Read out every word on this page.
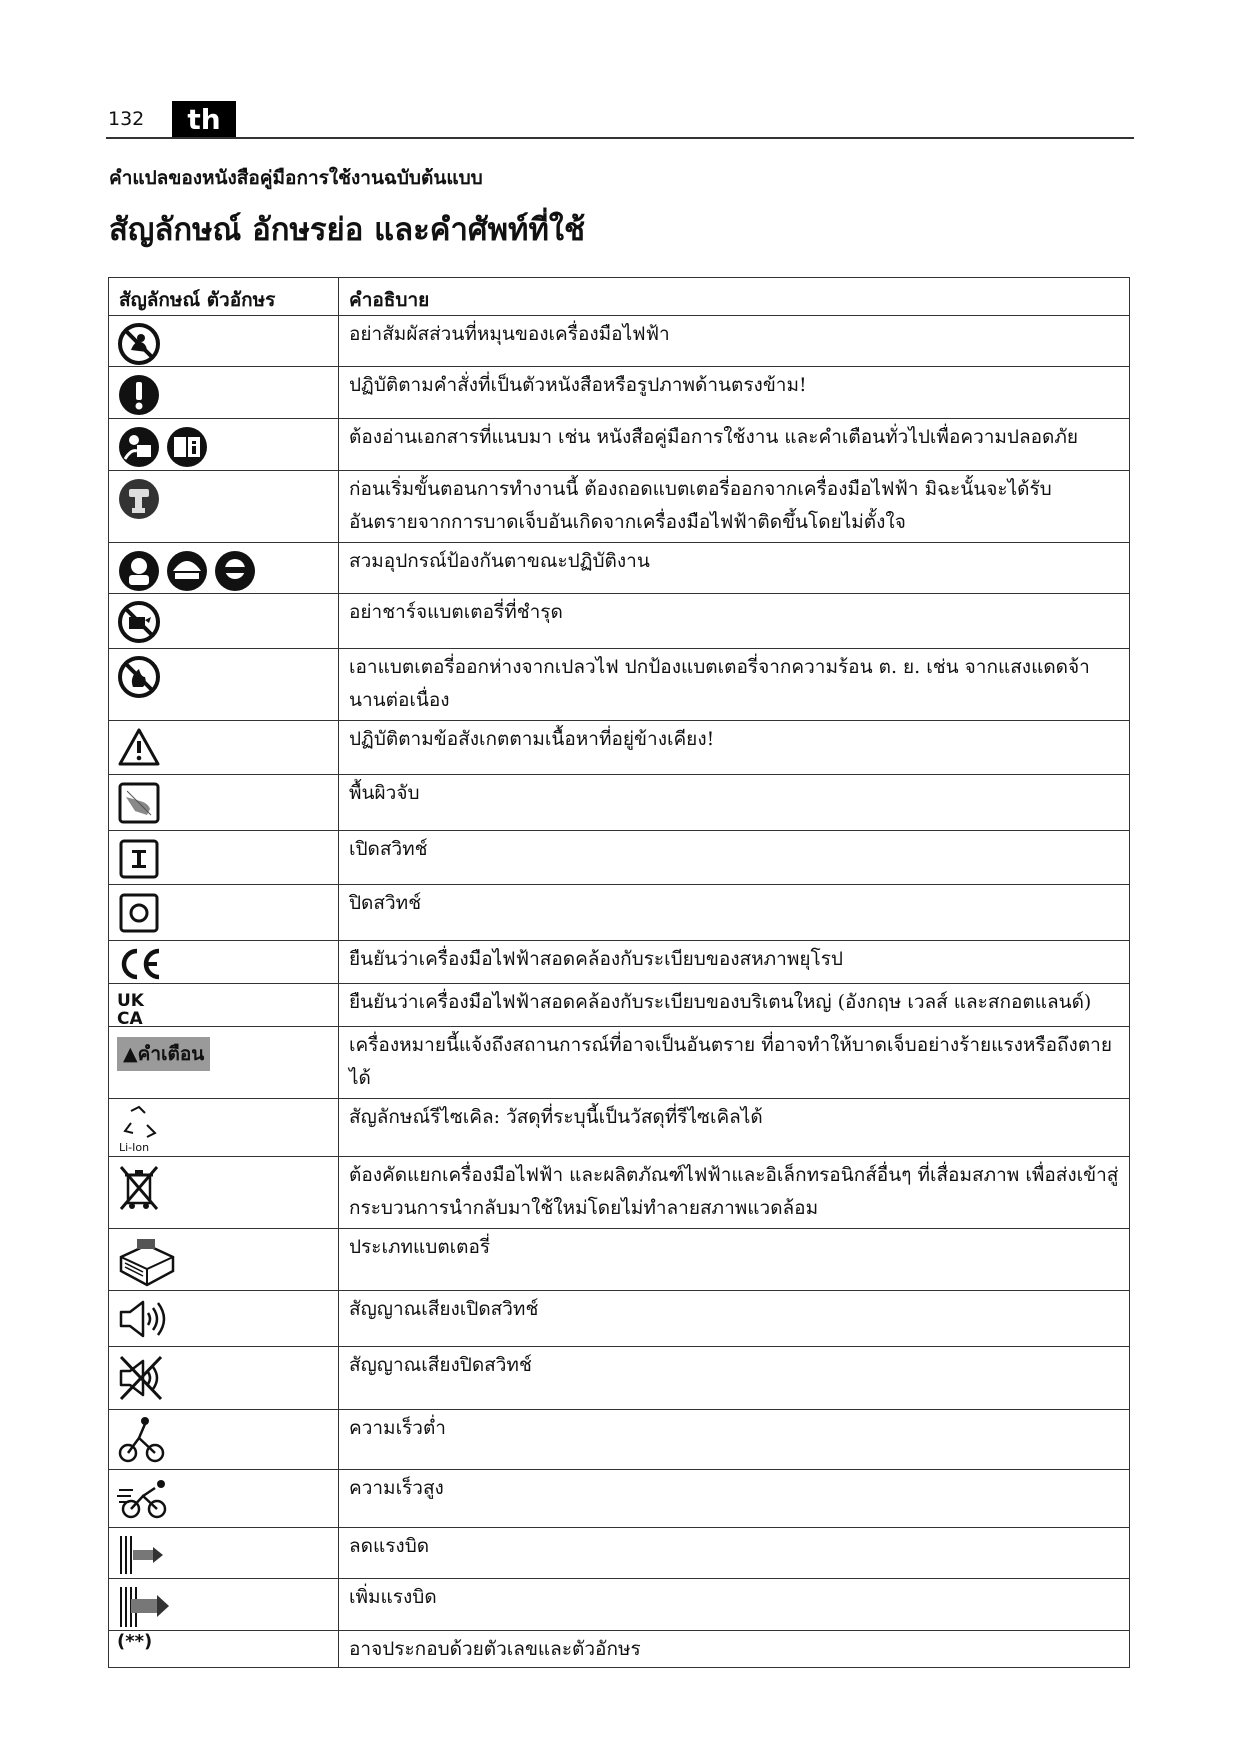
132	th
คำแปลของหนังสือคู่มือการใช้งานฉบับต้นแบบ
สัญลักษณ์ อักษรย่อ และคำศัพท์ที่ใช้
สัญลักษณ์ ตัวอักษร	คำอธิบาย

	อย่าสัมผัสส่วนที่หมุนของเครื่องมือไฟฟ้า

	ปฏิบัติตามคำสั่งที่เป็นตัวหนังสือหรือรูปภาพด้านตรงข้าม!

	ต้องอ่านเอกสารที่แนบมา เช่น หนังสือคู่มือการใช้งาน และคำเตือนทั่วไปเพื่อความปลอดภัย

	ก่อนเริ่มขั้นตอนการทำงานนี้ ต้องถอดแบตเตอรี่ออกจากเครื่องมือไฟฟ้า มิฉะนั้นจะได้รับอันตรายจากการบาดเจ็บอันเกิดจากเครื่องมือไฟฟ้าติดขึ้นโดยไม่ตั้งใจ

	สวมอุปกรณ์ป้องกันตาขณะปฏิบัติงาน

	อย่าชาร์จแบตเตอรี่ที่ชำรุด

	เอาแบตเตอรี่ออกห่างจากเปลวไฟ ปกป้องแบตเตอรี่จากความร้อน ต. ย. เช่น จากแสงแดดจ้านานต่อเนื่อง

	ปฏิบัติตามข้อสังเกตตามเนื้อหาที่อยู่ข้างเคียง!

	พื้นผิวจับ

	เปิดสวิทช์

	ปิดสวิทช์

	ยืนยันว่าเครื่องมือไฟฟ้าสอดคล้องกับระเบียบของสหภาพยุโรป

UK
CA	ยืนยันว่าเครื่องมือไฟฟ้าสอดคล้องกับระเบียบของบริเตนใหญ่ (อังกฤษ เวลส์ และสกอตแลนด์)
▲คำเตือน	เครื่องหมายนี้แจ้งถึงสถานการณ์ที่อาจเป็นอันตราย ที่อาจทำให้บาดเจ็บอย่างร้ายแรงหรือถึงตายได้

Li-Ion	สัญลักษณ์รีไซเคิล: วัสดุที่ระบุนี้เป็นวัสดุที่รีไซเคิลได้

	ต้องคัดแยกเครื่องมือไฟฟ้า และผลิตภัณฑ์ไฟฟ้าและอิเล็กทรอนิกส์อื่นๆ ที่เสื่อมสภาพ เพื่อส่งเข้าสู่กระบวนการนำกลับมาใช้ใหม่โดยไม่ทำลายสภาพแวดล้อม

	ประเภทแบตเตอรี่

	สัญญาณเสียงเปิดสวิทช์

	สัญญาณเสียงปิดสวิทช์

	ความเร็วต่ำ

	ความเร็วสูง

	ลดแรงบิด

	เพิ่มแรงบิด
(**)	อาจประกอบด้วยตัวเลขและตัวอักษร
